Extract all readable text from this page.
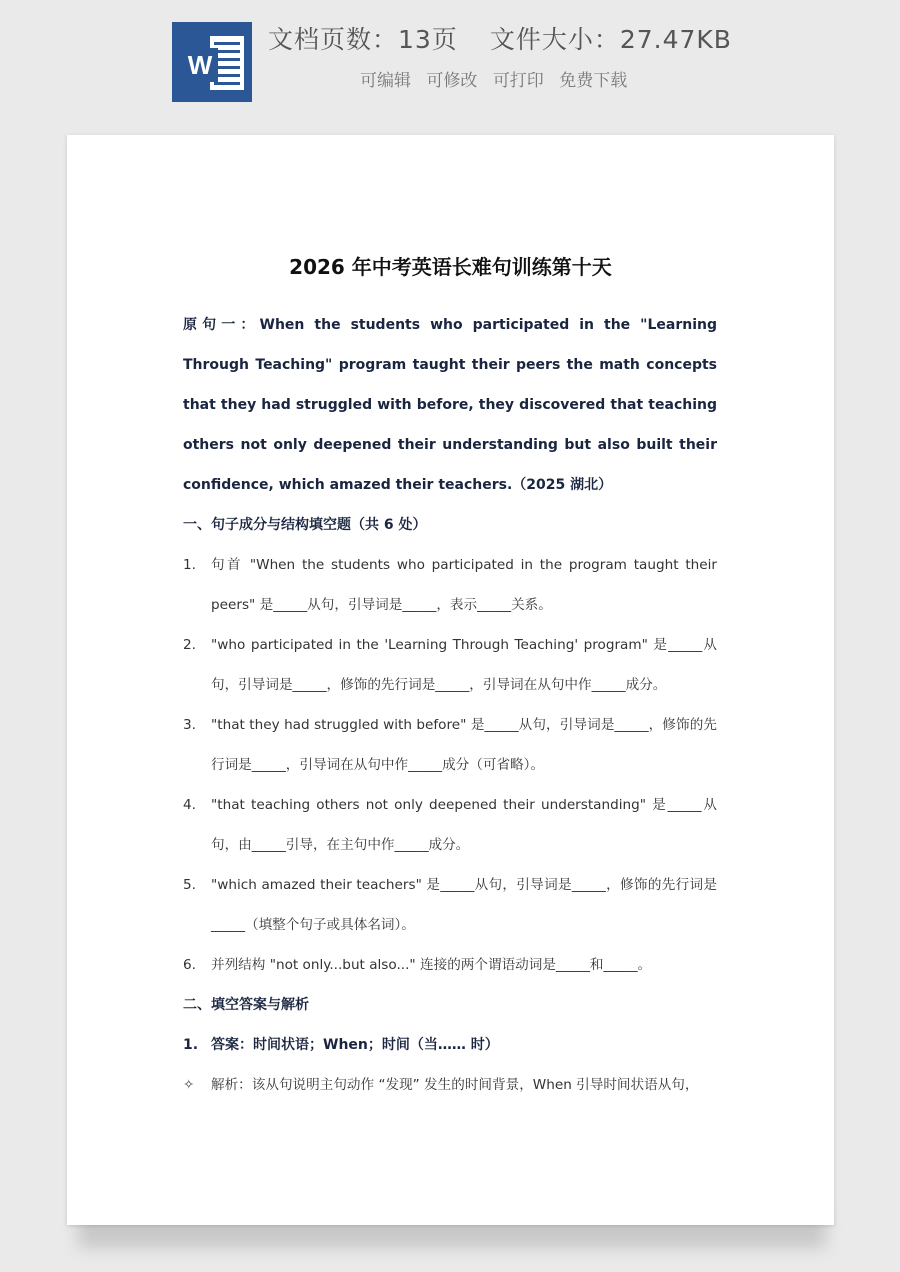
W
文档页数：13页 文件大小：27.47KB
可编辑 可修改 可打印 免费下载
2026 年中考英语长难句训练第十天
原句一：When the students who participated in the "Learning Through Teaching" program taught their peers the math concepts that they had struggled with before, they discovered that teaching others not only deepened their understanding but also built their confidence, which amazed their teachers.（2025 湖北）
一、句子成分与结构填空题（共 6 处）
1. 句首 "When the students who participated in the program taught their peers" 是_____从句，引导词是_____，表示_____关系。
2. "who participated in the 'Learning Through Teaching' program" 是_____从句，引导词是_____，修饰的先行词是_____，引导词在从句中作_____成分。
3. "that they had struggled with before" 是_____从句，引导词是_____，修饰的先行词是_____，引导词在从句中作_____成分（可省略）。
4. "that teaching others not only deepened their understanding" 是_____从句，由_____引导，在主句中作_____成分。
5. "which amazed their teachers" 是_____从句，引导词是_____，修饰的先行词是_____（填整个句子或具体名词）。
6. 并列结构 "not only...but also..." 连接的两个谓语动词是_____和_____。
二、填空答案与解析
1. 答案：时间状语；When；时间（当…… 时）
✧ 解析：该从句说明主句动作 “发现” 发生的时间背景，When 引导时间状语从句，
